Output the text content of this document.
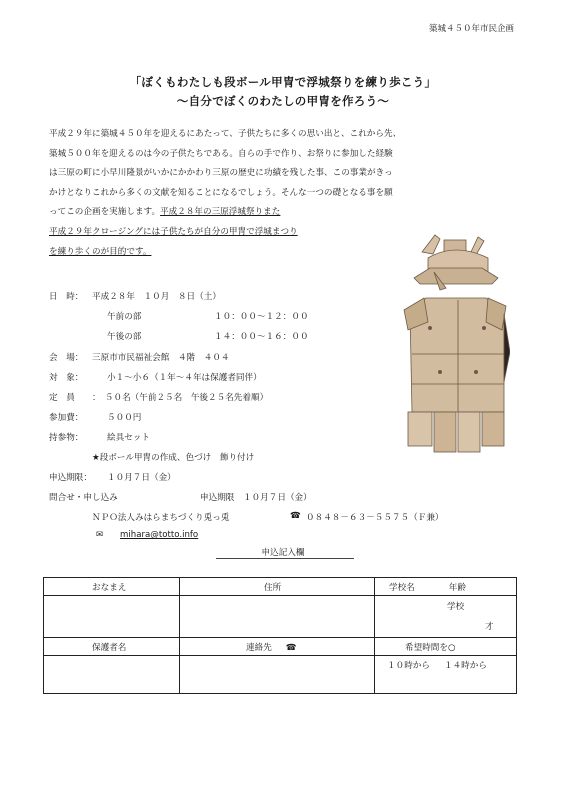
築城４５０年市民企画
「ぼくもわたしも段ボール甲冑で浮城祭りを練り歩こう」
～自分でぼくのわたしの甲冑を作ろう～

平成２９年に築城４５０年を迎えるにあたって、子供たちに多くの思い出と、これから先、

築城５００年を迎えるのは今の子供たちである。自らの手で作り、お祭りに参加した経験

は三原の町に小早川隆景がいかにかかわり三原の歴史に功績を残した事、この事業がきっ

かけとなりこれから多くの文献を知ることになるでしょう。そんな一つの礎となる事を願

ってこの企画を実施します。平成２８年の三原浮城祭りまた

平成２９年クロージングには子供たちが自分の甲冑で浮城まつり

を練り歩くのが目的です。

日　時： 平成２８年　１０月　８日（土）
午前の部	１０：００～１２：００
午後の部	１４：００～１６：００
会　場： 三原市市民福祉会館　４階　４０４
対　象：	小１～小６（１年～４年は保護者同伴）
定　員 ：　５０名（午前２５名　午後２５名先着順）
参加費：	５００円
持参物：	絵具セット
★段ボール甲冑の作成、色づけ　飾り付け
申込期限： １０月７日（金）
問合せ・申し込み	申込期限　１０月７日（金）
ＮＰＯ法人みはらまちづくり兎っ兎	☎ ０８４８－６３－５５７５（Ｆ兼）
✉ mihara@totto.info
申込記入欄
おなまえ	住所	学校名 年齢

		学校
才

保護者名	連絡先 ☎	希望時間を○

		１０時から １４時から
